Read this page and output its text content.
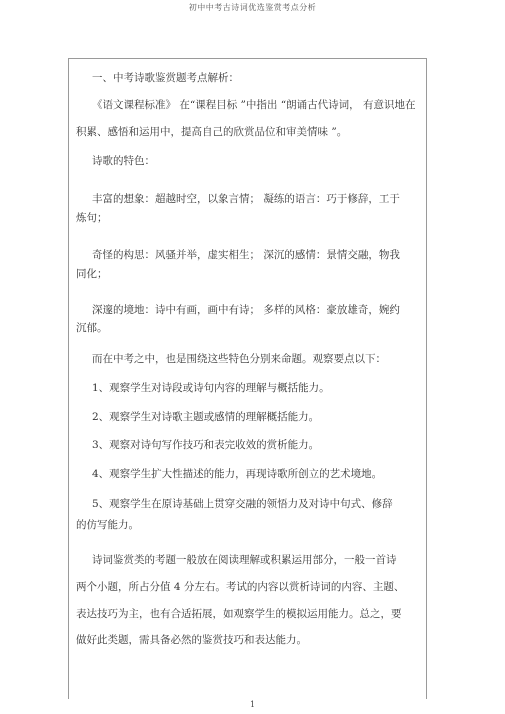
初中中考古诗词优选鉴赏考点分析
一、中考诗歌鉴赏题考点解析：
《语文课程标准》 在“课程目标 ”中指出 “朗诵古代诗词， 有意识地在
积累、感悟和运用中，提高自己的欣赏品位和审美情味 ”。
诗歌的特色：
丰富的想象：超越时空，以象言情； 凝练的语言：巧于修辞，工于
炼句；
奇怪的构思：风骚并举，虚实相生； 深沉的感情：景情交融，物我
同化；
深邃的境地：诗中有画，画中有诗； 多样的风格：豪放雄奇，婉约
沉郁。
而在中考之中，也是围绕这些特色分别来命题。观察要点以下：
1、观察学生对诗段或诗句内容的理解与概括能力。
2、观察学生对诗歌主题或感情的理解概括能力。
3、观察对诗句写作技巧和表完收效的赏析能力。
4、观察学生扩大性描述的能力，再现诗歌所创立的艺术境地。
5、观察学生在原诗基础上贯穿交融的领悟力及对诗中句式、修辞
的仿写能力。
诗词鉴赏类的考题一般放在阅读理解或积累运用部分，一般一首诗
两个小题，所占分值 4 分左右。考试的内容以赏析诗词的内容、主题、
表达技巧为主，也有合适拓展，如观察学生的模拟运用能力。总之，要
做好此类题，需具备必然的鉴赏技巧和表达能力。
1
